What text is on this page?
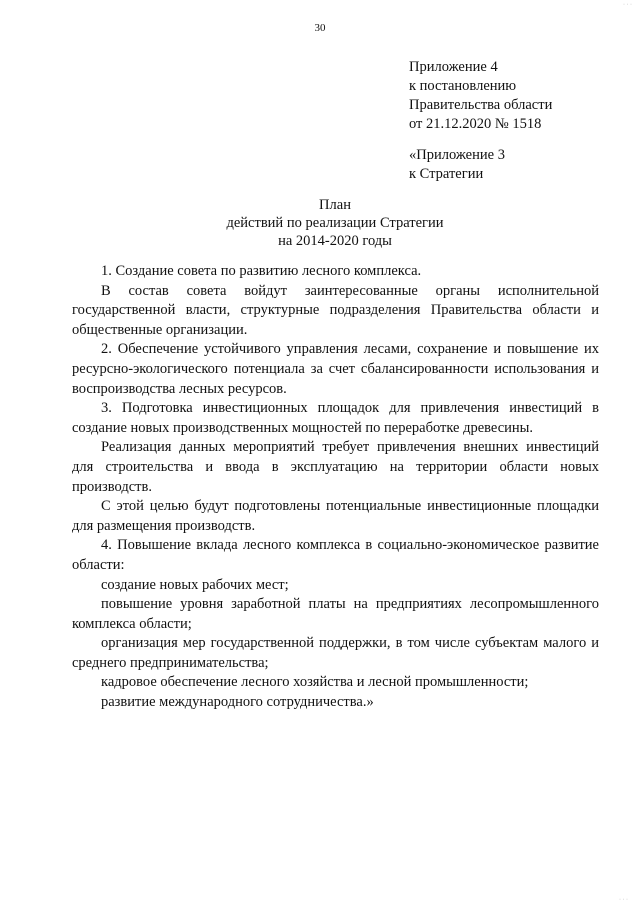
30
Приложение 4
к постановлению
Правительства области
от 21.12.2020 № 1518
«Приложение 3
к Стратегии
План
действий по реализации Стратегии
на 2014-2020 годы

1. Создание совета по развитию лесного комплекса.

В состав совета войдут заинтересованные органы исполнительной государственной власти, структурные подразделения Правительства области и общественные организации.

2. Обеспечение устойчивого управления лесами, сохранение и повышение их ресурсно-экологического потенциала за счет сбалансированности использования и воспроизводства лесных ресурсов.

3. Подготовка инвестиционных площадок для привлечения инвестиций в создание новых производственных мощностей по переработке древесины.

Реализация данных мероприятий требует привлечения внешних инвестиций для строительства и ввода в эксплуатацию на территории области новых производств.

С этой целью будут подготовлены потенциальные инвестиционные площадки для размещения производств.

4. Повышение вклада лесного комплекса в социально-экономическое развитие области:

создание новых рабочих мест;

повышение уровня заработной платы на предприятиях лесопромышленного комплекса области;

организация мер государственной поддержки, в том числе субъектам малого и среднего предпринимательства;

кадровое обеспечение лесного хозяйства и лесной промышленности;

развитие международного сотрудничества.»

· · ·
· · ·
